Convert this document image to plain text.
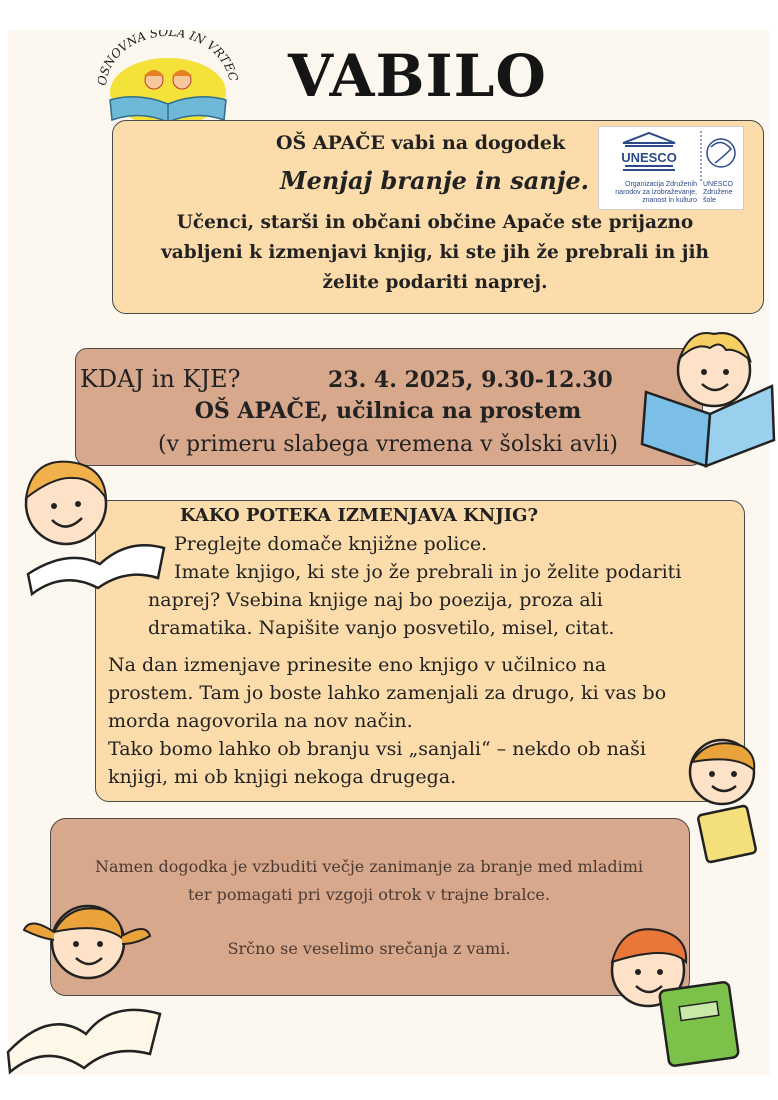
OSNOVNA ŠOLA IN VRTEC VABILO
OŠ APAČE vabi na dogodek
Menjaj branje in sanje.
Učenci, starši in občani občine Apače ste prijazno vabljeni k izmenjavi knjig, ki ste jih že prebrali in jih želite podariti naprej.
UNESCO
Organizacija Združenih narodov za izobraževanje, znanost in kulturo
UNESCO Združene šole
KDAJ in KJE?	23. 4. 2025, 9.30-12.30
OŠ APAČE, učilnica na prostem
(v primeru slabega vremena v šolski avli)
KAKO POTEKA IZMENJAVA KNJIG?
Preglejte domače knjižne police.
Imate knjigo, ki ste jo že prebrali in jo želite podariti
naprej? Vsebina knjige naj bo poezija, proza ali
dramatika. Napišite vanjo posvetilo, misel, citat.
Na dan izmenjave prinesite eno knjigo v učilnico na
prostem. Tam jo boste lahko zamenjali za drugo, ki vas bo
morda nagovorila na nov način.
Tako bomo lahko ob branju vsi „sanjali“ – nekdo ob naši
knjigi, mi ob knjigi nekoga drugega.
Namen dogodka je vzbuditi večje zanimanje za branje med mladimi
ter pomagati pri vzgoji otrok v trajne bralce.
Srčno se veselimo srečanja z vami.
